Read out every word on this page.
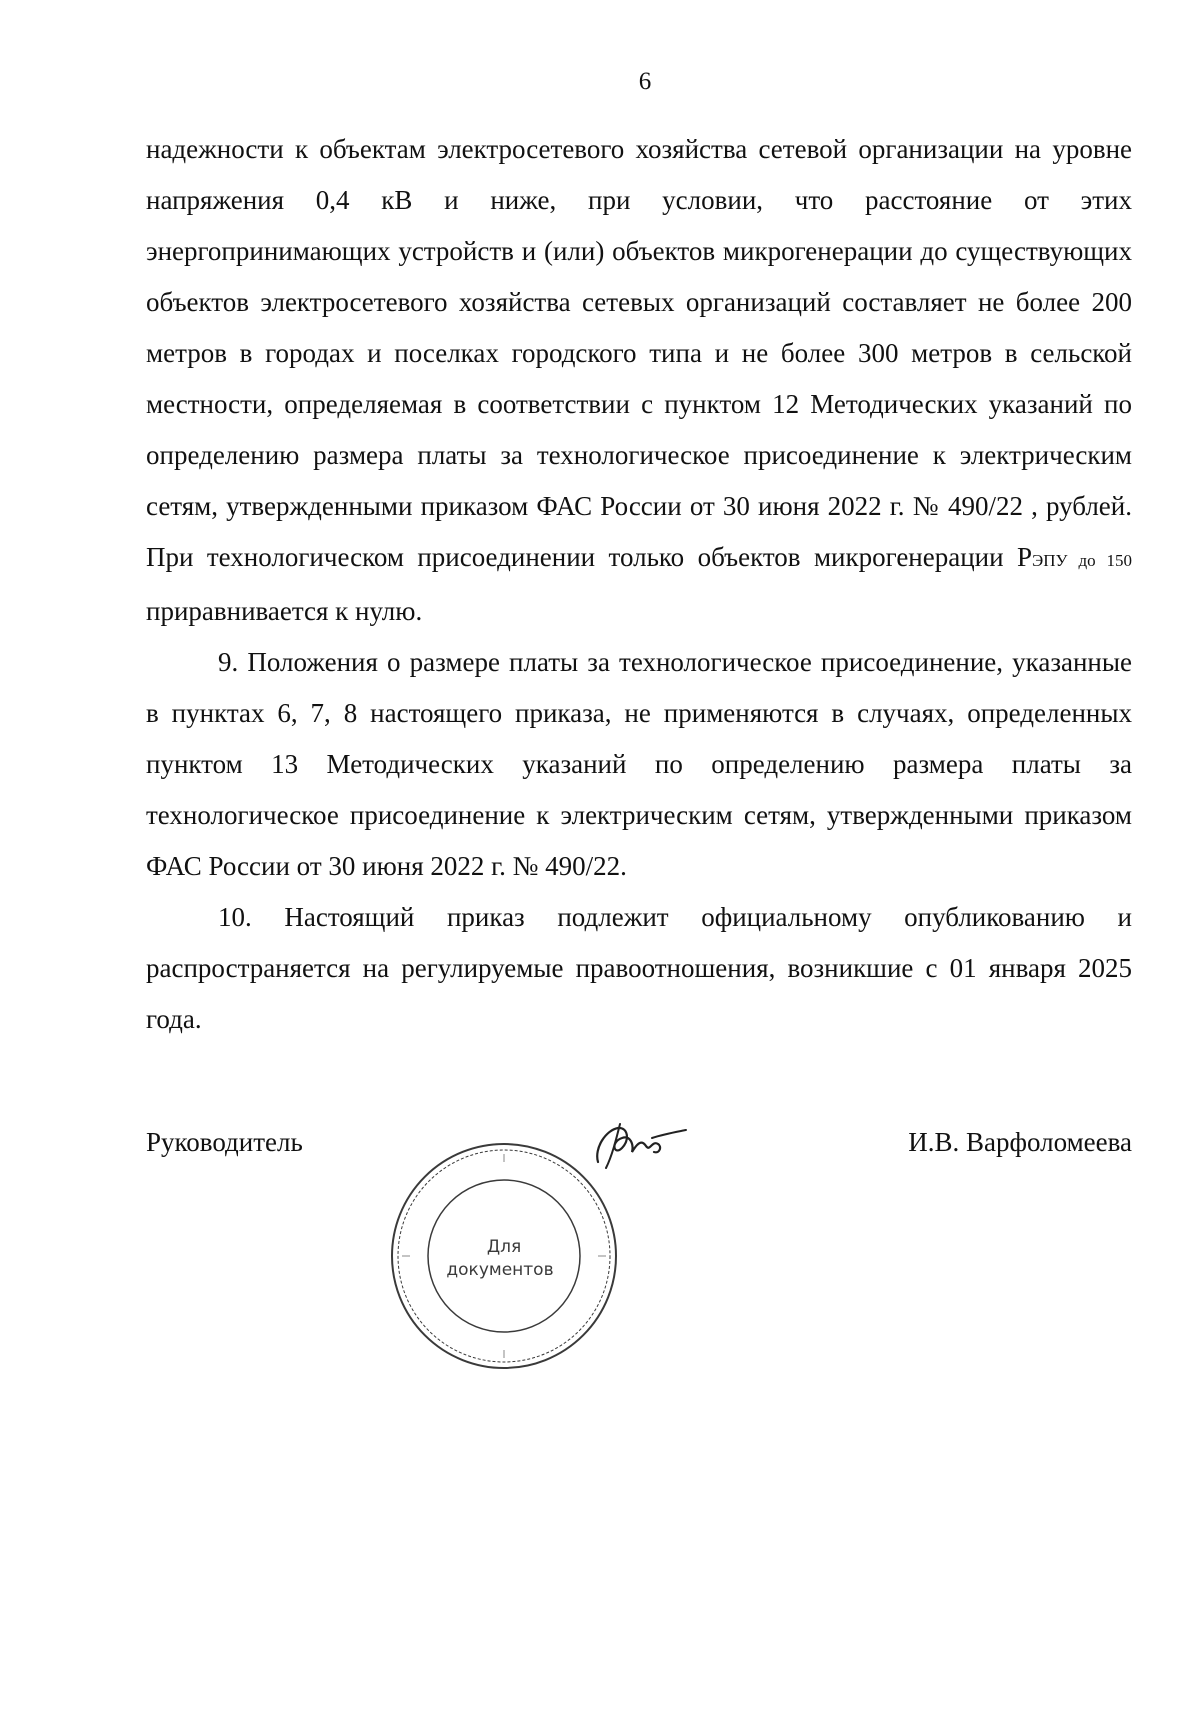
6

надежности к объектам электросетевого хозяйства сетевой организации на уровне напряжения 0,4 кВ и ниже, при условии, что расстояние от этих энергопринимающих устройств и (или) объектов микрогенерации до существующих объектов электросетевого хозяйства сетевых организаций составляет не более 200 метров в городах и поселках городского типа и не более 300 метров в сельской местности, определяемая в соответствии с пунктом 12 Методических указаний по определению размера платы за технологическое присоединение к электрическим сетям, утвержденными приказом ФАС России от 30 июня 2022 г. № 490/22 , рублей. При технологическом присоединении только объектов микрогенерации РЭПУ до 150 приравнивается к нулю.

9. Положения о размере платы за технологическое присоединение, указанные в пунктах 6, 7, 8 настоящего приказа, не применяются в случаях, определенных пунктом 13 Методических указаний по определению размера платы за технологическое присоединение к электрическим сетям, утвержденными приказом ФАС России от 30 июня 2022 г. № 490/22.

10. Настоящий приказ подлежит официальному опубликованию и распространяется на регулируемые правоотношения, возникшие с 01 января 2025 года.

Руководитель	И.В. Варфоломеева
Для
документов
